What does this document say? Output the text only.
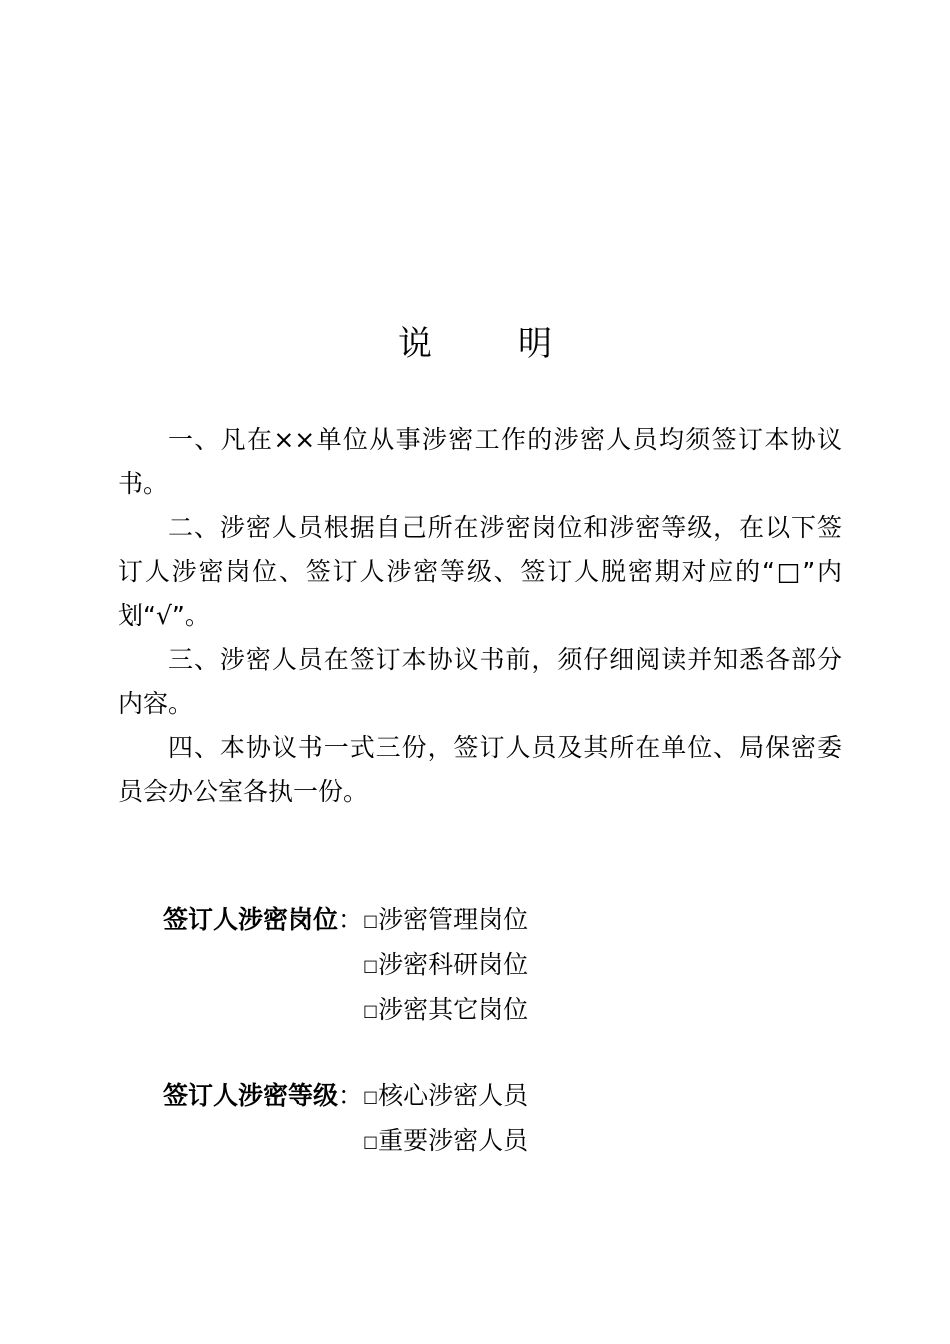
说	明

一、凡在××单位从事涉密工作的涉密人员均须签订本协议书。

二、涉密人员根据自己所在涉密岗位和涉密等级，在以下签订人涉密岗位、签订人涉密等级、签订人脱密期对应的“□”内划“√”。

三、涉密人员在签订本协议书前，须仔细阅读并知悉各部分内容。

四、本协议书一式三份，签订人员及其所在单位、局保密委员会办公室各执一份。

签订人涉密岗位 ： □涉密管理岗位
□涉密科研岗位
□涉密其它岗位
签订人涉密等级 ： □核心涉密人员
□重要涉密人员
